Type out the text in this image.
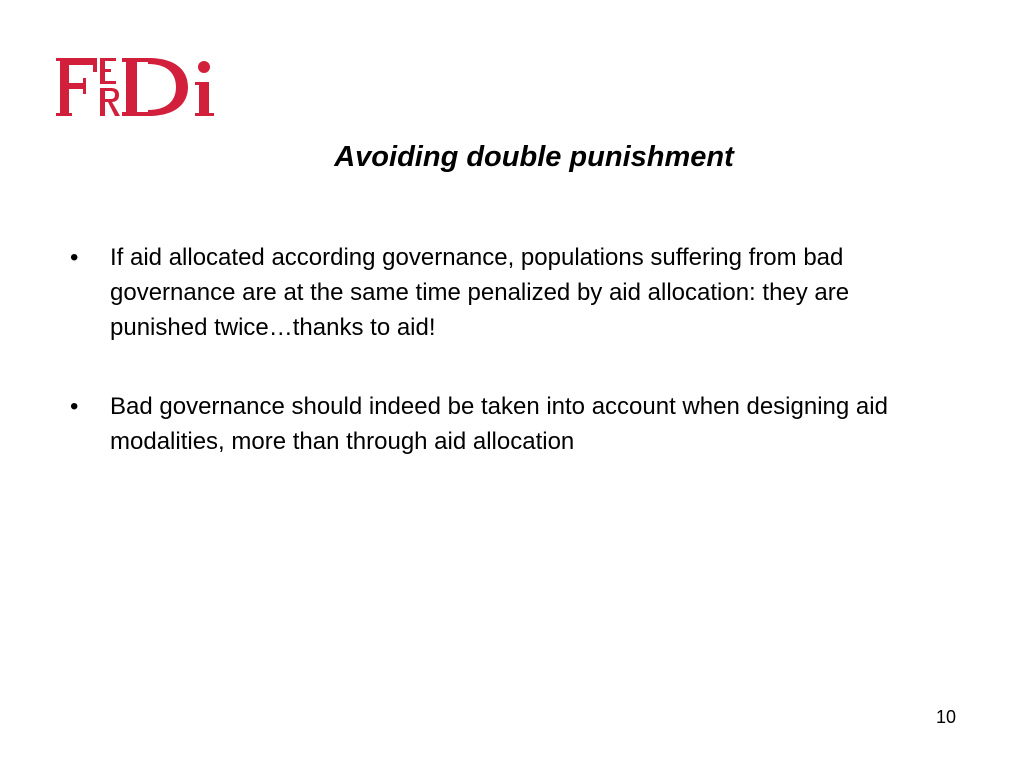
Avoiding double punishment
• If aid allocated according governance, populations suffering from bad governance are at the same time penalized by aid allocation: they are punished twice…thanks to aid!
• Bad governance should indeed be taken into account when designing aid modalities, more than through aid allocation
10
